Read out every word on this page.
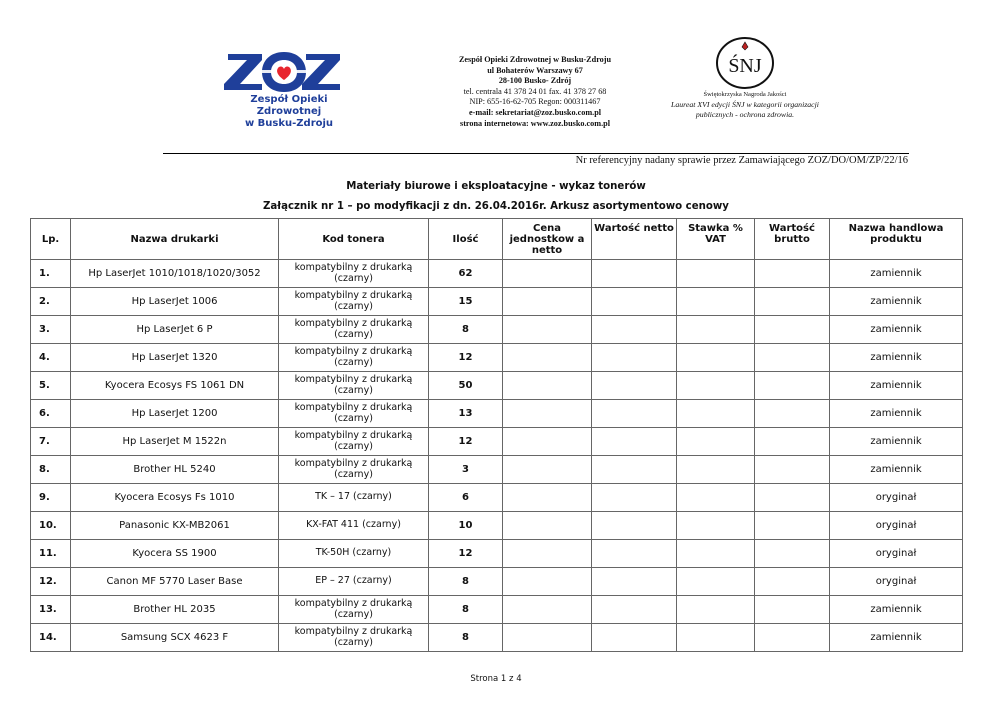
Zespół Opieki Zdrowotnej
w Busku-Zdroju
Zespół Opieki Zdrowotnej w Busku-Zdroju
ul Bohaterów Warszawy 67
28-100 Busko- Zdrój
tel. centrala 41 378 24 01 fax. 41 378 27 68
NIP: 655-16-62-705 Regon: 000311467
e-mail: sekretariat@zoz.busko.com.pl
strona internetowa: www.zoz.busko.com.pl
ŚNJ
Świętokrzyska Nagroda Jakości
Laureat XVI edycji ŚNJ w kategorii organizacji publicznych - ochrona zdrowia.
Nr referencyjny nadany sprawie przez Zamawiającego ZOZ/DO/OM/ZP/22/16
Materiały biurowe i eksploatacyjne - wykaz tonerów
Załącznik nr 1 – po modyfikacji z dn. 26.04.2016r. Arkusz asortymentowo cenowy
Lp.	Nazwa drukarki	Kod tonera	Ilość	Cena jednostkow a netto	Wartość netto	Stawka % VAT	Wartość brutto	Nazwa handlowa produktu
1.	Hp LaserJet 1010/1018/1020/3052	kompatybilny z drukarką (czarny)	62					zamiennik
2.	Hp LaserJet 1006	kompatybilny z drukarką (czarny)	15					zamiennik
3.	Hp LaserJet 6 P	kompatybilny z drukarką (czarny)	8					zamiennik
4.	Hp LaserJet 1320	kompatybilny z drukarką (czarny)	12					zamiennik
5.	Kyocera Ecosys FS 1061 DN	kompatybilny z drukarką (czarny)	50					zamiennik
6.	Hp LaserJet 1200	kompatybilny z drukarką (czarny)	13					zamiennik
7.	Hp LaserJet M 1522n	kompatybilny z drukarką (czarny)	12					zamiennik
8.	Brother HL 5240	kompatybilny z drukarką (czarny)	3					zamiennik
9.	Kyocera Ecosys Fs 1010	TK – 17 (czarny)	6					oryginał
10.	Panasonic KX-MB2061	KX-FAT 411 (czarny)	10					oryginał
11.	Kyocera SS 1900	TK-50H (czarny)	12					oryginał
12.	Canon MF 5770 Laser Base	EP – 27 (czarny)	8					oryginał
13.	Brother HL 2035	kompatybilny z drukarką (czarny)	8					zamiennik
14.	Samsung SCX 4623 F	kompatybilny z drukarką (czarny)	8					zamiennik
Strona 1 z 4
